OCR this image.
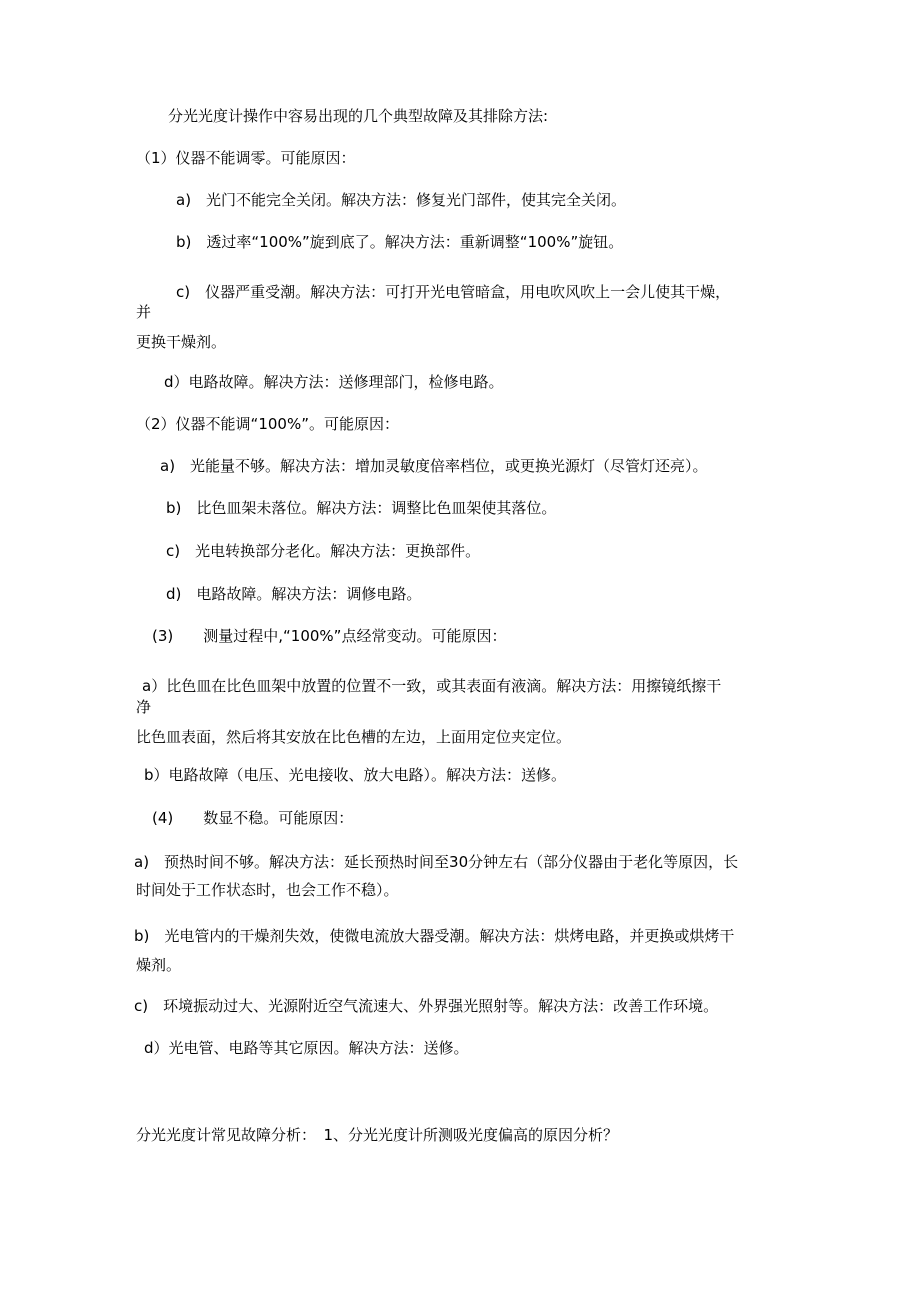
分光光度计操作中容易出现的几个典型故障及其排除方法:
（1）仪器不能调零。可能原因：
a)　光门不能完全关闭。解决方法：修复光门部件，使其完全关闭。
b)　透过率“100%”旋到底了。解决方法：重新调整“100%”旋钮。
c)　仪器严重受潮。解决方法：可打开光电管暗盒，用电吹风吹上一会儿使其干燥，
并
更换干燥剂。
d）电路故障。解决方法：送修理部门，检修电路。
（2）仪器不能调“100%”。可能原因：
a)　光能量不够。解决方法：增加灵敏度倍率档位，或更换光源灯（尽管灯还亮）。
b)　比色皿架未落位。解决方法：调整比色皿架使其落位。
c)　光电转换部分老化。解决方法：更换部件。
d)　电路故障。解决方法：调修电路。
(3)　　测量过程中,“100%”点经常变动。可能原因：
a）比色皿在比色皿架中放置的位置不一致，或其表面有液滴。解决方法：用擦镜纸擦干
净
比色皿表面，然后将其安放在比色槽的左边，上面用定位夹定位。
b）电路故障（电压、光电接收、放大电路）。解决方法：送修。
(4)　　数显不稳。可能原因：
a)　预热时间不够。解决方法：延长预热时间至30分钟左右（部分仪器由于老化等原因，长
时间处于工作状态时，也会工作不稳）。
b)　光电管内的干燥剂失效，使微电流放大器受潮。解决方法：烘烤电路，并更换或烘烤干
燥剂。
c)　环境振动过大、光源附近空气流速大、外界强光照射等。解决方法：改善工作环境。
d）光电管、电路等其它原因。解决方法：送修。
分光光度计常见故障分析：　1、分光光度计所测吸光度偏高的原因分析？
